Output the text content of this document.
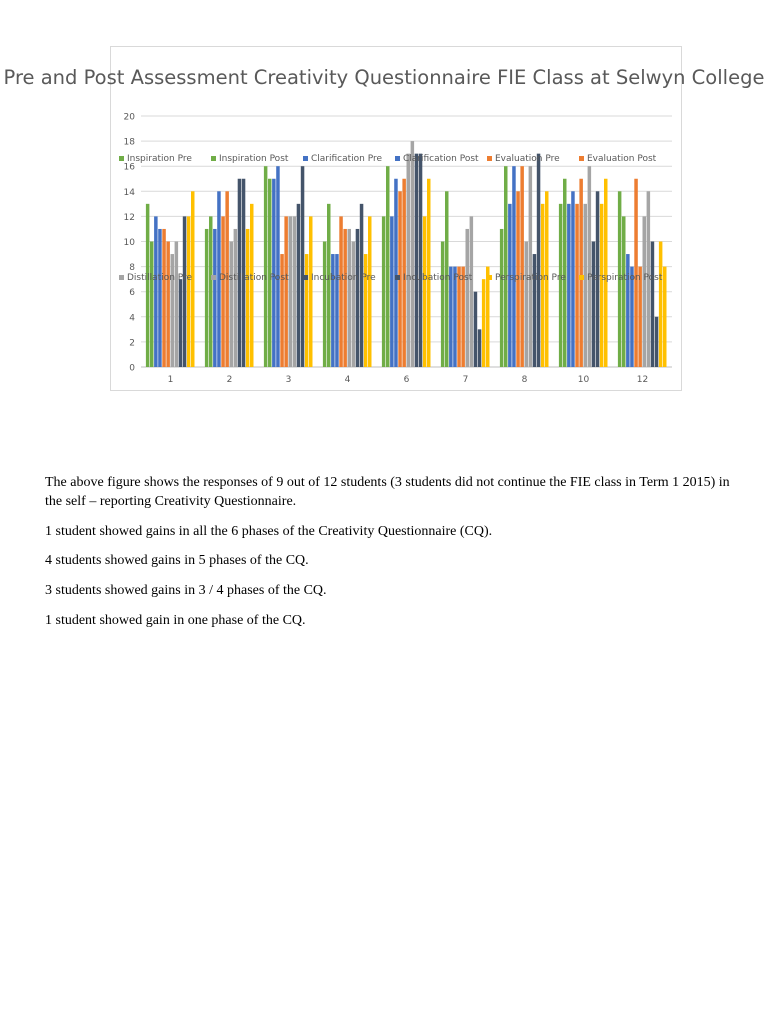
0
2
4
6
8
10
12
14
16
18
20
1	2	3	4	6	7	8	10	12
Inspiration Pre	Inspiration Post	Clarification Pre Clarification Post Evaluation Pre	Evaluation Post
Distillation Pre	Distillation Post Incubation Pre	Incubation Post	Perspiration Pre Perspiration Post
Pre and Post Assessment Creativity Questionnaire FIE Class at Selwyn College
The above figure shows the responses of 9 out of 12 students (3 students did not continue the FIE class in Term 1 2015) in the self – reporting Creativity Questionnaire.
1 student showed gains in all the 6 phases of the Creativity Questionnaire (CQ).
4 students showed gains in 5 phases of the CQ.
3 students showed gains in 3 / 4 phases of the CQ.
1 student showed gain in one phase of the CQ.
